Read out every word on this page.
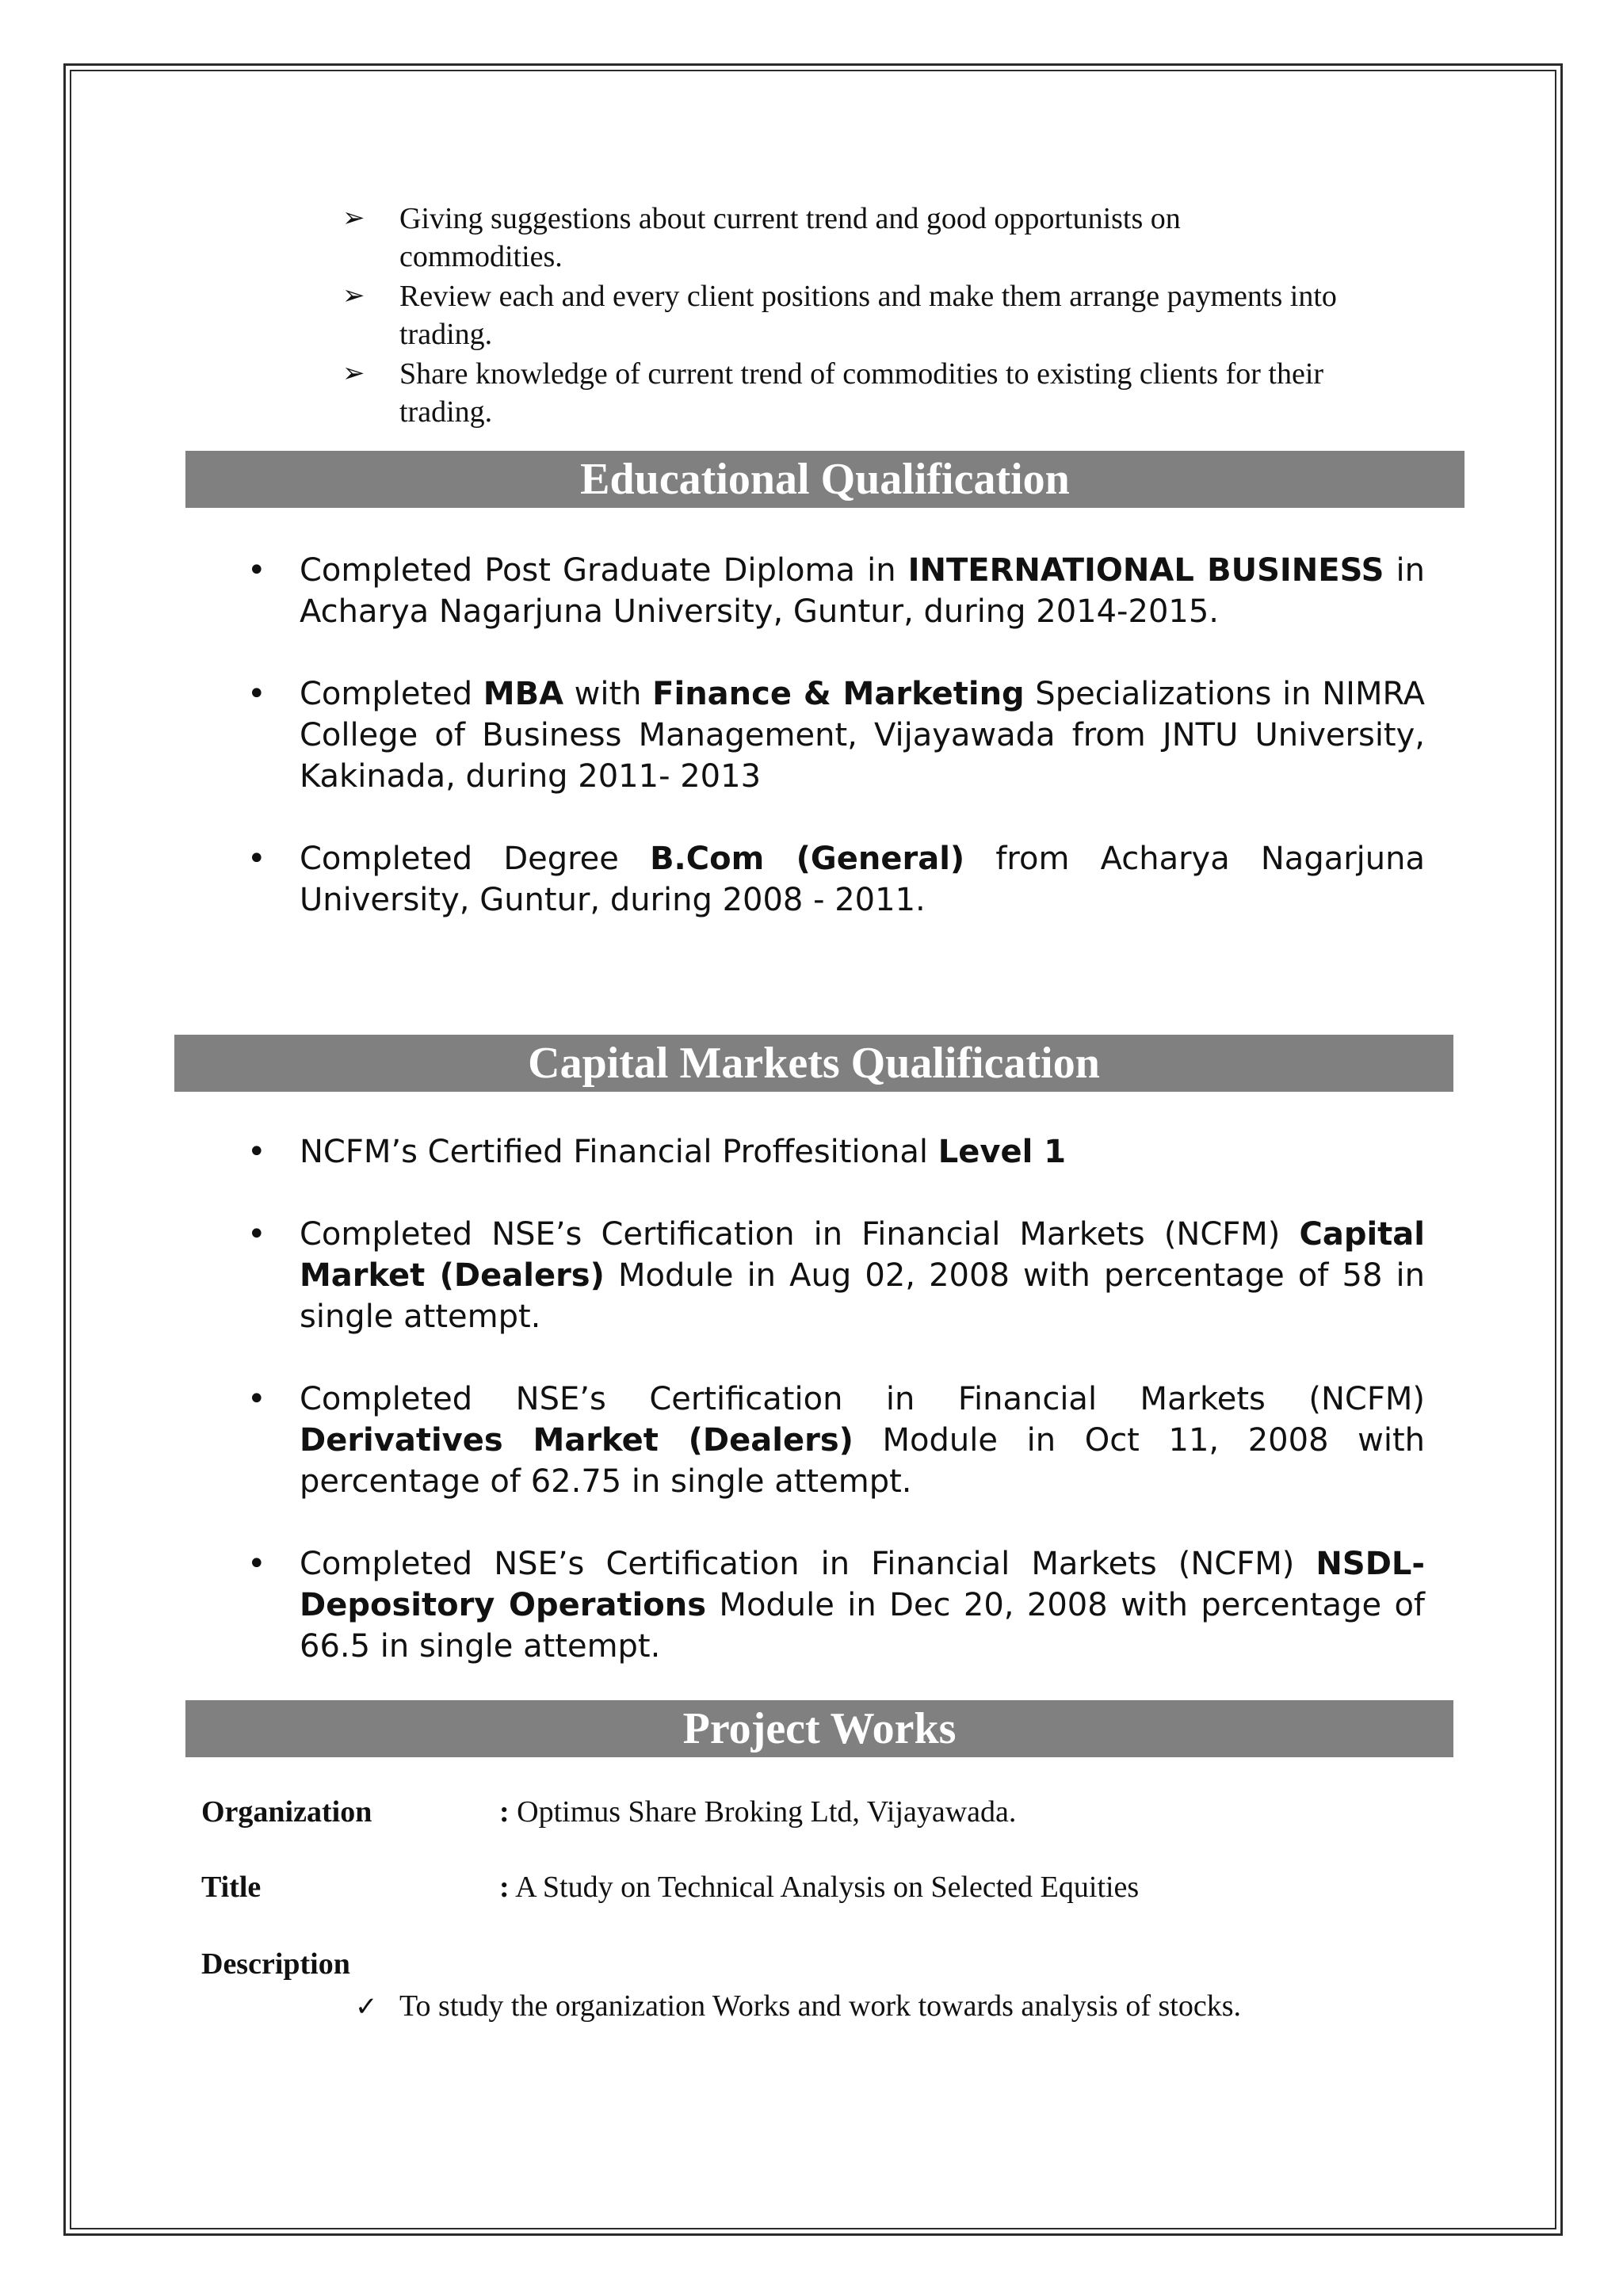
➢	Giving suggestions about current trend and good opportunists on
commodities.
➢	Review each and every client positions and make them arrange payments into
trading.
➢	Share knowledge of current trend of commodities to existing clients for their
trading.
Educational Qualification
• Completed Post Graduate Diploma in INTERNATIONAL BUSINESS in Acharya Nagarjuna University, Guntur, during 2014-2015.
• Completed MBA with Finance & Marketing Specializations in NIMRA College of Business Management, Vijayawada from JNTU University, Kakinada, during 2011- 2013
• Completed Degree B.Com (General) from Acharya Nagarjuna University, Guntur, during 2008 - 2011.
Capital Markets Qualification
• NCFM’s Certified Financial Proffesitional Level 1
• Completed NSE’s Certification in Financial Markets (NCFM) Capital Market (Dealers) Module in Aug 02, 2008 with percentage of 58 in single attempt.
• Completed NSE’s Certification in Financial Markets (NCFM) Derivatives Market (Dealers) Module in Oct 11, 2008 with percentage of 62.75 in single attempt.
• Completed NSE’s Certification in Financial Markets (NCFM) NSDL-Depository Operations Module in Dec 20, 2008 with percentage of 66.5 in single attempt.
Project Works
Organization	: Optimus Share Broking Ltd, Vijayawada.
Title	: A Study on Technical Analysis on Selected Equities
Description
✓ To study the organization Works and work towards analysis of stocks.
